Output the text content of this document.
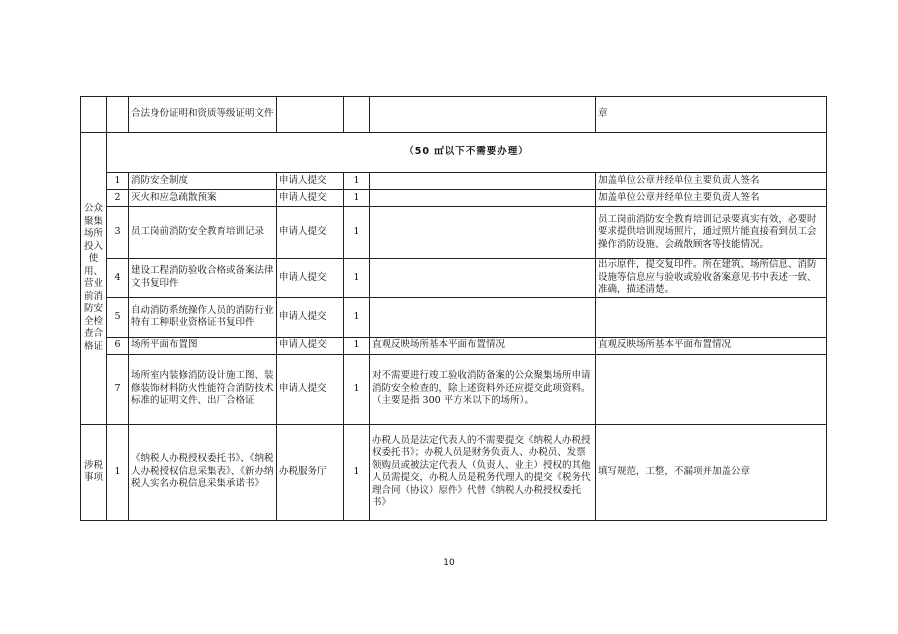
		合法身份证明和资质等级证明文件				章
公众聚集场所投入使用、营业前消防安全检查合格证	（50 ㎡以下不需要办理）					
	1	消防安全制度	申请人提交	1		加盖单位公章并经单位主要负责人签名
	2	灭火和应急疏散预案	申请人提交	1		加盖单位公章并经单位主要负责人签名
	3	员工岗前消防安全教育培训记录	申请人提交	1		员工岗前消防安全教育培训记录要真实有效，必要时要求提供培训现场照片，通过照片能直接看到员工会操作消防设施、会疏散顾客等技能情况。
	4	建设工程消防验收合格或备案法律文书复印件	申请人提交	1		出示原件，提交复印件。所在建筑、场所信息、消防设施等信息应与验收或验收备案意见书中表述一致、准确，描述清楚。
	5	自动消防系统操作人员的消防行业特有工种职业资格证书复印件	申请人提交	1		
	6	场所平面布置图	申请人提交	1	直观反映场所基本平面布置情况	直观反映场所基本平面布置情况
	7	场所室内装修消防设计施工图、装修装饰材料防火性能符合消防技术标准的证明文件、出厂合格证	申请人提交	1	对不需要进行竣工验收消防备案的公众聚集场所申请消防安全检查的，除上述资料外还应提交此项资料。（主要是指 300 平方米以下的场所）。	
涉税事项	1	《纳税人办税授权委托书》、《纳税人办税授权信息采集表》、《新办纳税人实名办税信息采集承诺书》	办税服务厅	1	办税人员是法定代表人的不需要提交《纳税人办税授权委托书》；办税人员是财务负责人、办税员、发票领购员或被法定代表人（负责人、业主）授权的其他人员需提交，办税人员是税务代理人的提交《税务代理合同（协议）原件》代替《纳税人办税授权委托书》	填写规范，工整，不漏项并加盖公章
10
